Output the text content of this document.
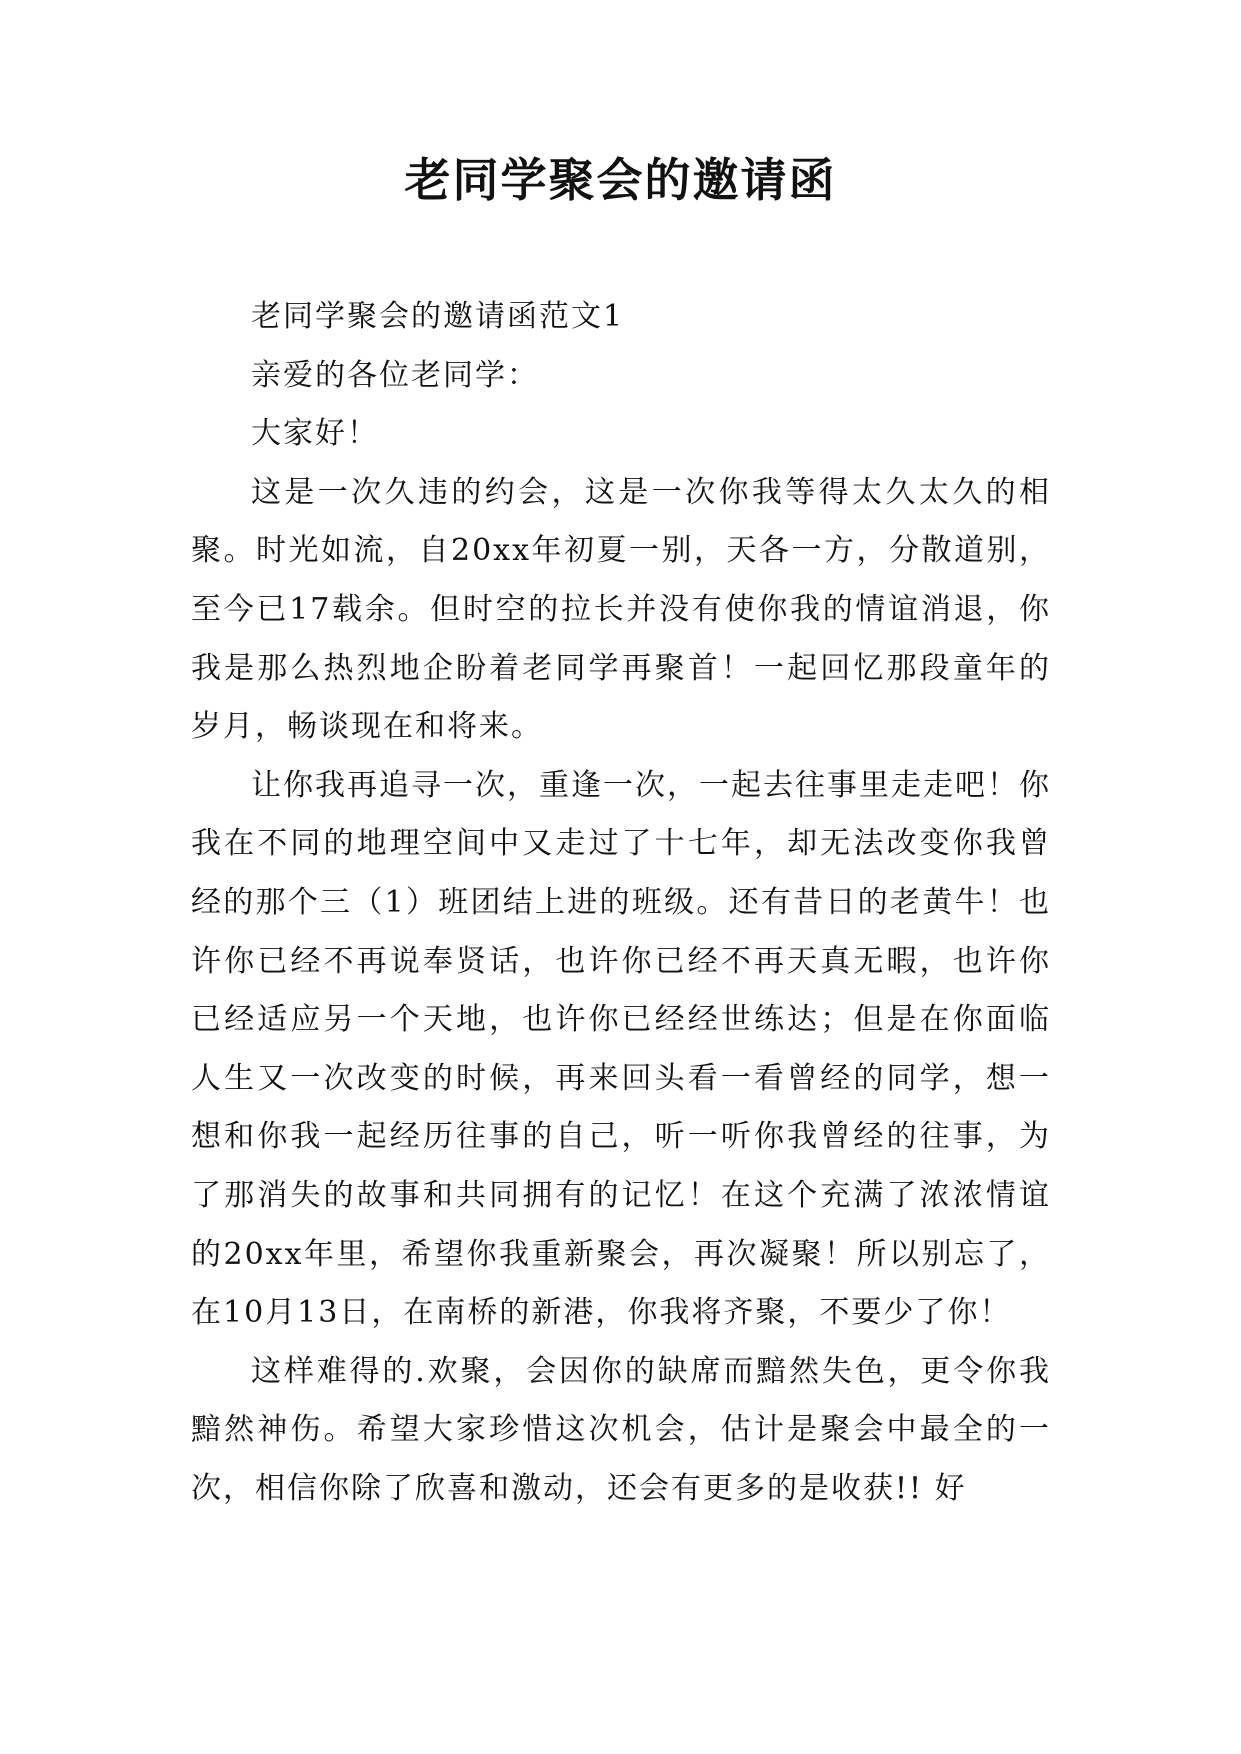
老同学聚会的邀请函

老同学聚会的邀请函范文1

亲爱的各位老同学：

大家好！

这是一次久违的约会，这是一次你我等得太久太久的相聚。时光如流，自20xx年初夏一别，天各一方，分散道别，至今已17载余。但时空的拉长并没有使你我的情谊消退，你我是那么热烈地企盼着老同学再聚首！一起回忆那段童年的岁月，畅谈现在和将来。

让你我再追寻一次，重逢一次，一起去往事里走走吧！你我在不同的地理空间中又走过了十七年，却无法改变你我曾经的那个三（1）班团结上进的班级。还有昔日的老黄牛！也许你已经不再说奉贤话，也许你已经不再天真无暇，也许你已经适应另一个天地，也许你已经经世练达；但是在你面临人生又一次改变的时候，再来回头看一看曾经的同学，想一想和你我一起经历往事的自己，听一听你我曾经的往事，为了那消失的故事和共同拥有的记忆！在这个充满了浓浓情谊的20xx年里，希望你我重新聚会，再次凝聚！所以别忘了，在10月13日，在南桥的新港，你我将齐聚，不要少了你！

这样难得的.欢聚，会因你的缺席而黯然失色，更令你我黯然神伤。希望大家珍惜这次机会，估计是聚会中最全的一次，相信你除了欣喜和激动，还会有更多的是收获!! 好
